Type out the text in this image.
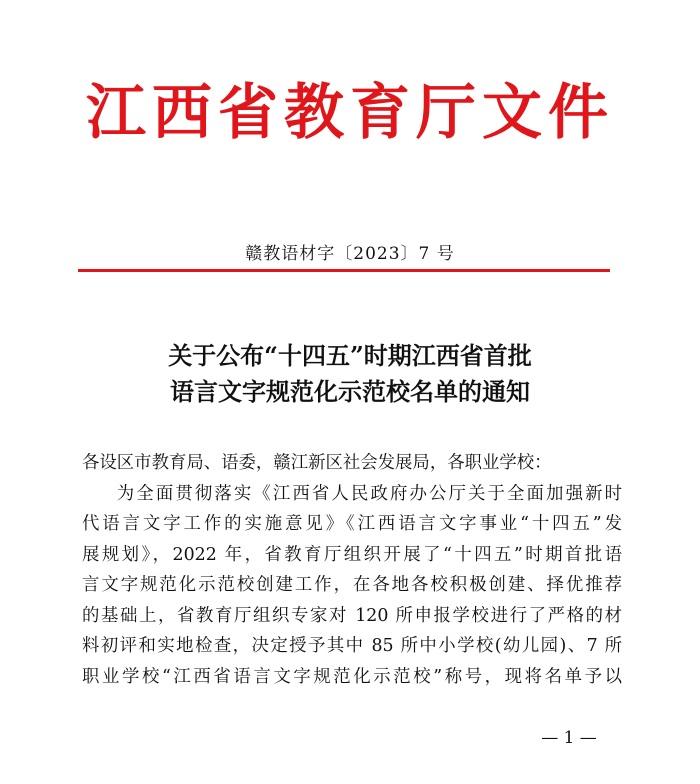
江西省教育厅文件
赣教语材字〔2023〕7 号
关于公布“十四五”时期江西省首批
语言文字规范化示范校名单的通知
各设区市教育局、语委，赣江新区社会发展局，各职业学校：
为全面贯彻落实《江西省人民政府办公厅关于全面加强新时
代语言文字工作的实施意见》《江西语言文字事业“十四五”发
展规划》，2022 年，省教育厅组织开展了“十四五”时期首批语
言文字规范化示范校创建工作，在各地各校积极创建、择优推荐
的基础上，省教育厅组织专家对 120 所申报学校进行了严格的材
料初评和实地检查，决定授予其中 85 所中小学校(幼儿园)、7 所
职业学校“江西省语言文字规范化示范校”称号，现将名单予以
— 1 —
